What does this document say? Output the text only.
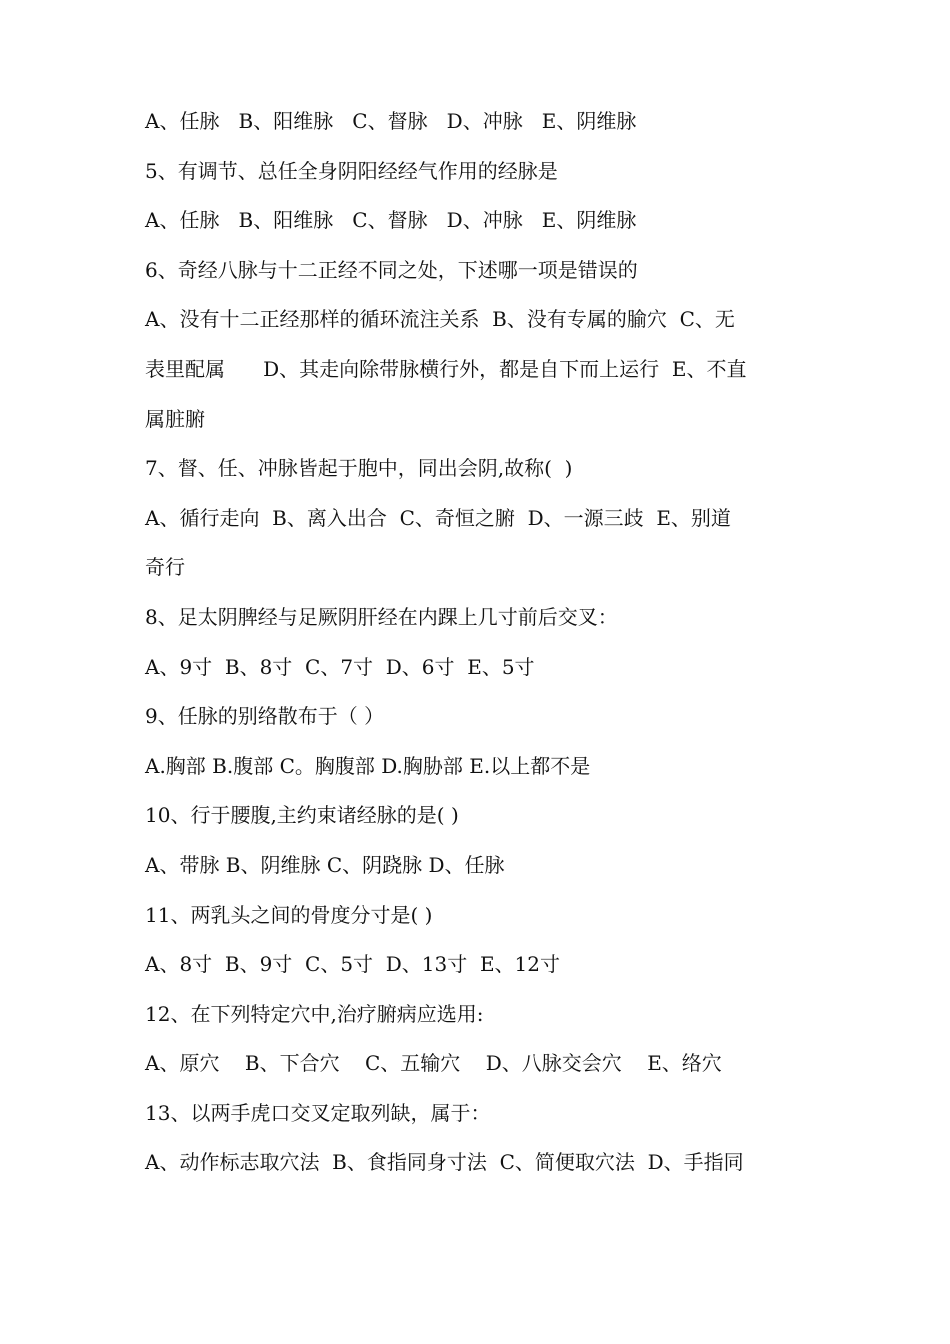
A、任脉   B、阳维脉   C、督脉   D、冲脉   E、阴维脉
5、有调节、总任全身阴阳经经气作用的经脉是
A、任脉   B、阳维脉   C、督脉   D、冲脉   E、阴维脉
6、奇经八脉与十二正经不同之处，下述哪一项是错误的
A、没有十二正经那样的循环流注关系  B、没有专属的腧穴  C、无
表里配属      D、其走向除带脉横行外，都是自下而上运行  E、不直
属脏腑
7、督、任、冲脉皆起于胞中，同出会阴,故称(  )
A、循行走向  B、离入出合  C、奇恒之腑  D、一源三歧  E、别道
奇行
8、足太阴脾经与足厥阴肝经在内踝上几寸前后交叉：
A、9寸  B、8寸  C、7寸  D、6寸  E、5寸
9、任脉的别络散布于（ ）
A.胸部 B.腹部 C。胸腹部 D.胸胁部 E.以上都不是
10、行于腰腹,主约束诸经脉的是( )
A、带脉 B、阴维脉 C、阴跷脉 D、任脉
11、两乳头之间的骨度分寸是( )
A、8寸  B、9寸  C、5寸  D、13寸  E、12寸
12、在下列特定穴中,治疗腑病应选用:
A、原穴    B、下合穴    C、五输穴    D、八脉交会穴    E、络穴
13、以两手虎口交叉定取列缺，属于：
A、动作标志取穴法  B、食指同身寸法  C、简便取穴法  D、手指同
